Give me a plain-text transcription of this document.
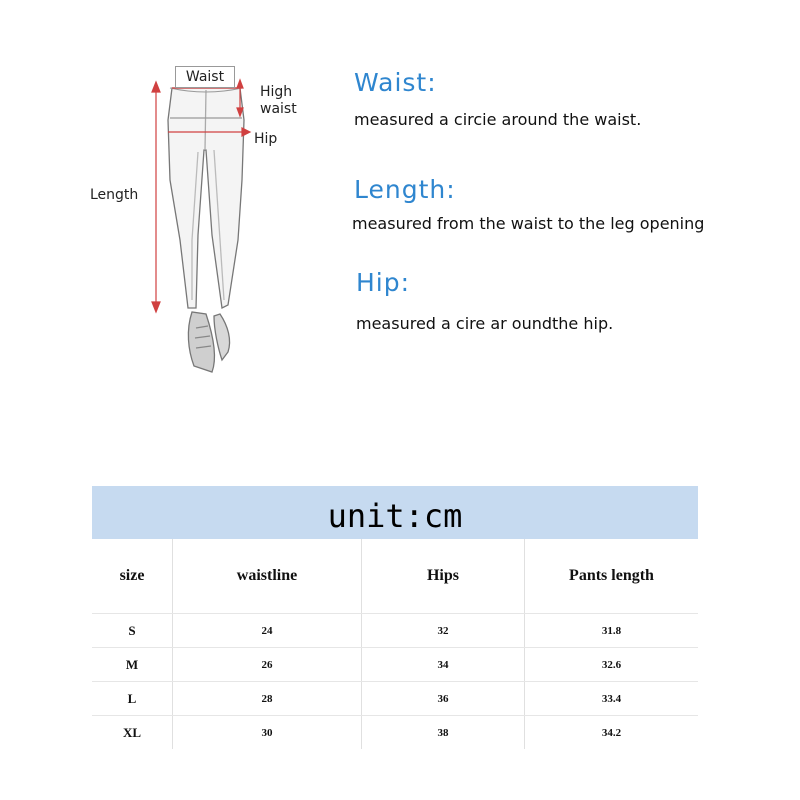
Waist
High
waist
Hip
Length
Waist:
measured a circie around the waist.
Length:
measured from the waist to the leg opening
Hip:
measured a cire ar oundthe hip.
unit:cm
size	waistline	Hips	Pants length
S	24	32	31.8
M	26	34	32.6
L	28	36	33.4
XL	30	38	34.2
